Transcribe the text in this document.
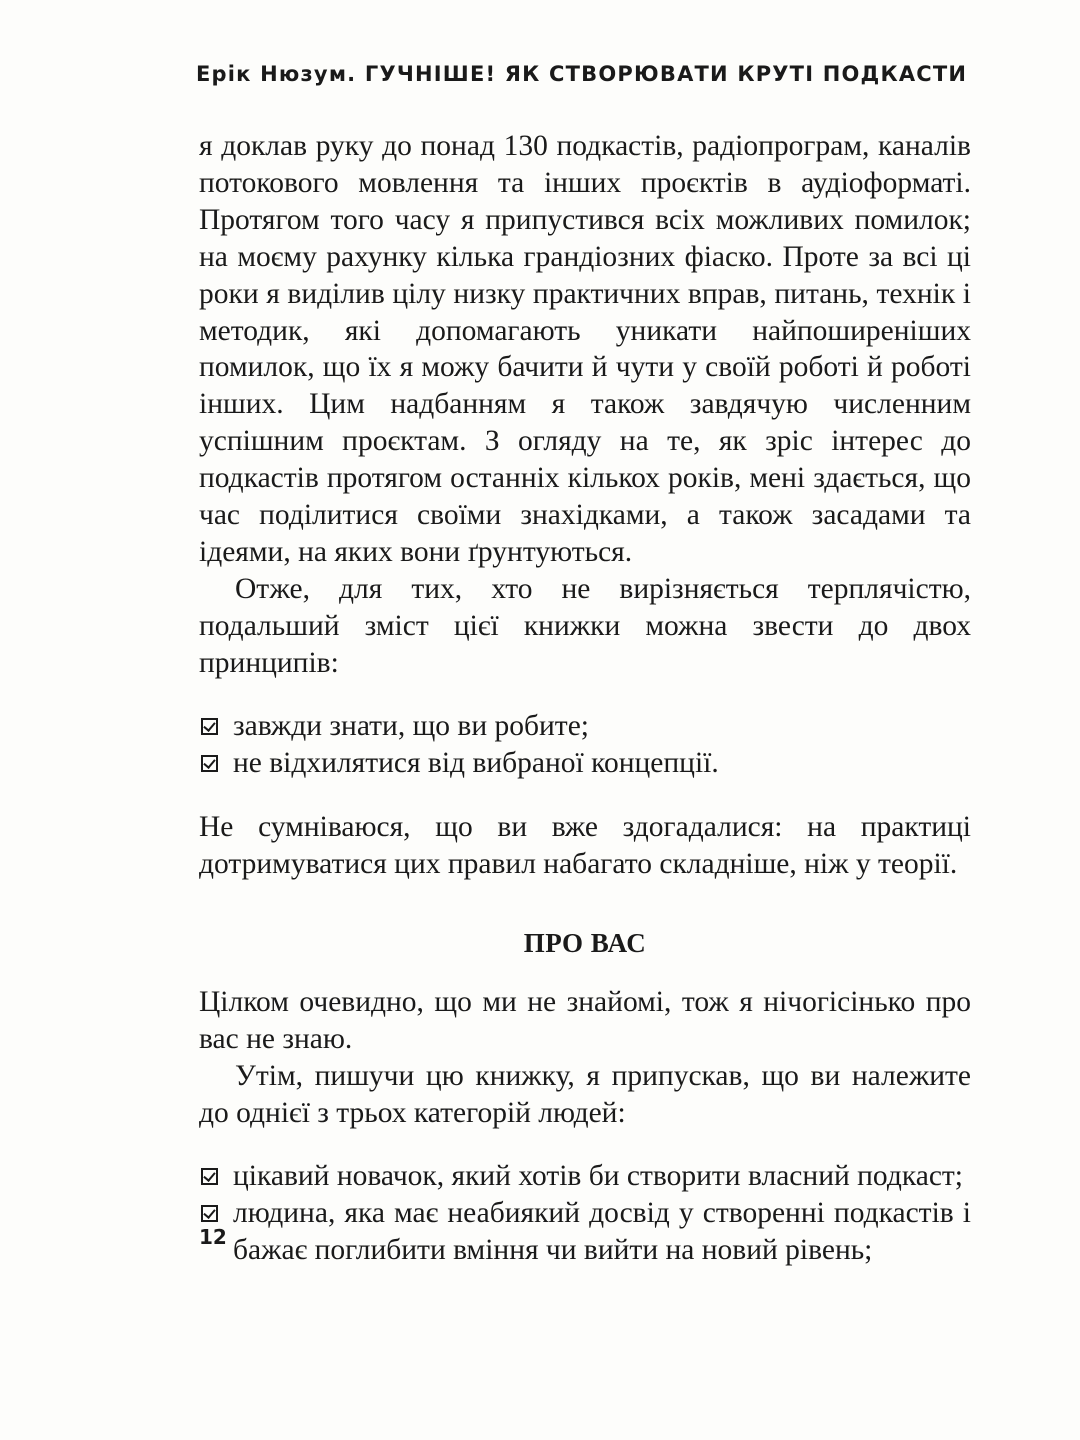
Ерік Нюзум. ГУЧНІШЕ! ЯК СТВОРЮВАТИ КРУТІ ПОДКАСТИ

я доклав руку до понад 130 подкастів, радіопрограм, каналів потокового мовлення та інших проєктів в аудіоформаті. Протягом того часу я припустився всіх можливих помилок; на моєму рахунку кілька грандіозних фіаско. Проте за всі ці роки я виділив цілу низку практичних вправ, питань, технік і методик, які допомагають уникати найпоширеніших помилок, що їх я можу бачити й чути у своїй роботі й роботі інших. Цим надбанням я також завдячую численним успішним проєктам. З огляду на те, як зріс інтерес до подкастів протягом останніх кількох років, мені здається, що час поділитися своїми знахідками, а також засадами та ідеями, на яких вони ґрунтуються.

Отже, для тих, хто не вирізняється терплячістю, подальший зміст цієї книжки можна звести до двох принципів:

завжди знати, що ви робите;
не відхилятися від вибраної концепції.

Не сумніваюся, що ви вже здогадалися: на практиці дотримуватися цих правил набагато складніше, ніж у теорії.

ПРО ВАС

Цілком очевидно, що ми не знайомі, тож я нічогісінько про вас не знаю.

Утім, пишучи цю книжку, я припускав, що ви належите до однієї з трьох категорій людей:

цікавий новачок, який хотів би створити власний подкаст;
людина, яка має неабиякий досвід у створенні подкастів і бажає поглибити вміння чи вийти на новий рівень;
12
